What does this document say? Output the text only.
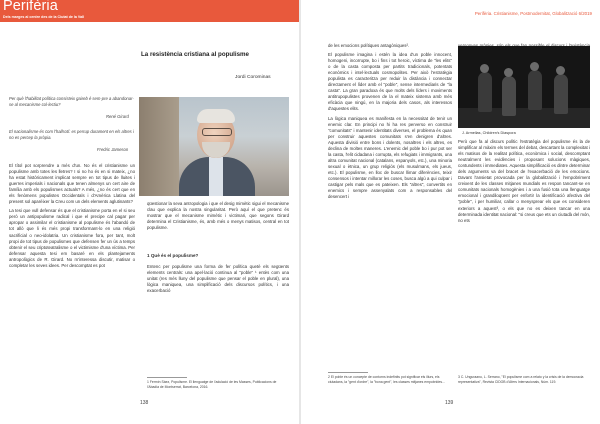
Perifèria
Dels marges al centre des de la Ciutat de la Vall
La resistència cristiana al populisme
Jordi Corominas
Per què l'habilitat política consisteix gaireb é sem-pre a abandonar-se al mecanisme col·lectiu?
René Girard
El nacionalisme és com l'hallsotí: es perrup durament en els altres i no es percep la pròpia.
Fredric Jameson

El títol pot sorprendre a més d'un. No és el cristianisme un populisme amb totes les lletres? I si no ho és en si mateix, ¿no ha estat històricament implicat sempre en tot tipus de lluites i guerres imperials i nacionals que tenen almenys un cert aire de família amb els populismes actuals? A més, ¿no és cert que en els fenòmens populistes Occidentals i d'Amèrica Llatina del present sol aparèixer la Creu com un dels elements aglutinants?

La tesi que vull defensar és que el cristianisme porta en el si seu però un antipopulisme radical i que el precipe cal pagar per apropar o assimilar el cristianisme al populisme és l'abandó de tot allò que li és més propi transformant-lo en una religió sacrificial o neo-idolatria. Un cristianisme fora, per tant, molt propi de tot tipus de populismes que defensen fer un ús a temps obtenir el seu criptoteatralisme o el victimisme d'una víctima. Per defensar aquesta tesi em basaré en els plantejaments antropològics de R. Girard. No m'interessa discutir, matisar o completar les seves idees. Per descomptat es pot

qüestionar la seva antropologia i que el desig mimètic sigui el mecanisme clau que explica la nostra singularitat. Però aquí el que pretenc és mostrar que el mecanisme mimètic i victimari, que segons Girard determina el Cristianisme, és, amb més o menys matisos, central en tot populisme.

1 Què és el populisme?

Entenc per populisme una forma de fer política quetè els següents elements centrals: una apel·lació continua al "poble" ¹ entès com una unitat (res més lluny del populisme que pensar el poble en plural), una lògica maniquea, una simplificació dels discursos polítics, i una exacerbació

1 Fermín Sáez, Populisme. El llenguatge de l'adulació de les Masses, Publicacions de l'Abadia de Montserrat, Barcelona, 2016.
138
Perifèria. Cristianisme, Postmodernitat, Globalització 6/2019

de les emocions polítiques antagòniques².

El populisme imagina i estén la idea d'un poble innocent, homogeni, incorrupte, bo i fins i tot heroic, víctima de "les elits" o de la casta composta per partits tradicionals, potentats econòmics i intel·lectuals cosmopolites. Per això l'estratègia populista es caracteritza per reduir la distància i connectar directament el líder amb el "poble", sense intermediaris de "la casta". La gran paradoxa és que molts dels líders i moviments antitrupopulistes provenen de la el mateix sistema amb més eficàcia que ningú, en la majoria dels casos, als interessos d'aquestes elits.

La lògica maniquea es manifesta en la necessitat de tenir un enemic clar. En principi no hi ha res perverso en construir "comunitats" i mantenir identitats diverses, el problema és quan per construir aquestes comunitats s'en denigren d'altres. Aquesta divisió entre bons i dolents, nosaltres i els altres, es declina de moltes maneres. L'enemic del poble bo i pur pot ser la casta, l'elit cidadana i corrupta, els refugiats i immigrants, una altra comunitat nacional (catalans, espanyols, etc.), una minoria sexual o ètnica, un grup religiós (els musulmans, els jueus, etc.). El populisme, en lloc de buscar llimar diferències, teixir consensos i intentar millorar les coses, busca algú a qui culpar i castigar pels mals que es pateixen. Els "altres", convertits en enemics i sempre assenyalats com a responsables del desencert i

Però que fa al discurs polític l'estratègia del populisme és la de simplificar al màxim els termes del debat, descartant la complexitat i els matisos de la realitat política, econòmica i social, descomptant neutralment les evidències i proposant solucions màgiques, contundents i immediates. Aquesta simplificació es dintre determinar dels arguments va del bracet de l'exacerbació de les emocions. Davant l'ansietat provocada per la globalització i l'empobriment creixent de les classes mitjanes mundials es respon tancant-se en comunitats nacionals homogènies i a una fusió tota una llenguatge emocional i grandiloqüent per enfortir la identificació afectiva del "poble", i per humiliar, callar o menysprear els que es consideren exteriors a aquest³, o els que no es deixen tancar en una determinada identitat nacional: "si creus que ets un ciutadà del món, no ets

2 El poble és un concepte de contorns indefinits pot significar els illurs, els ciutadans, la "gent d'ordre", la "bona gent", les classes mitjanes empobrides...
3 C. Unguraanu, L. Serrano, "El populisme com a relato y la crisis de la democracia representativa", Revista CIDOB d'Afers Internacionals, Núm. 119.
139
J. Armellas, Children's Diaspora
